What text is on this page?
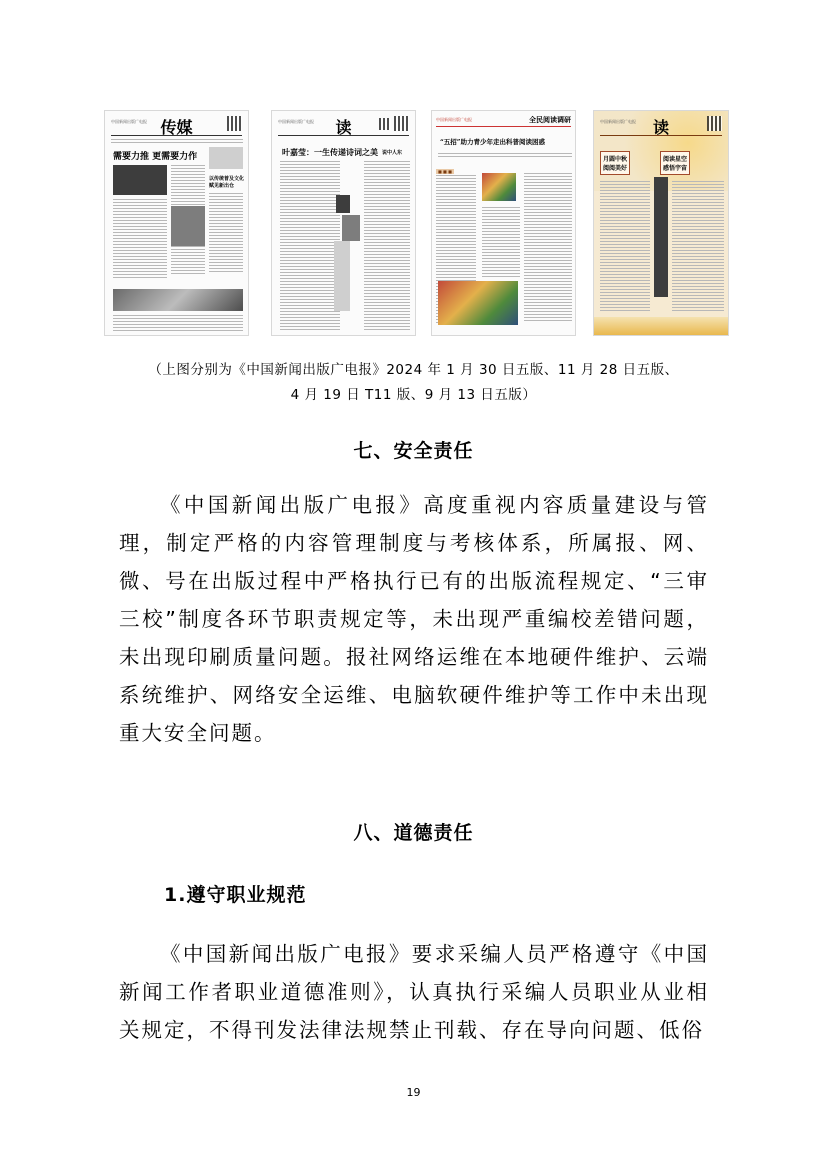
中国新闻出版广电报 传媒
需要力推 更需要力作
以传统普及文化
赋见新出仓
中国新闻出版广电报 读
叶嘉莹：一生传递诗词之美 说中人东
中国新闻出版广电报	全民阅读调研
“五招”助力青少年走出科普阅读困惑
■ ■ ■
中国新闻出版广电报 读
月圆中秋
阅阅美好
阅读星空
感悟宇宙
（上图分别为《中国新闻出版广电报》2024 年 1 月 30 日五版、11 月 28 日五版、
4 月 19 日 T11 版、9 月 13 日五版）
七、安全责任
《中国新闻出版广电报》高度重视内容质量建设与管理，制定严格的内容管理制度与考核体系，所属报、网、微、号在出版过程中严格执行已有的出版流程规定、“三审三校”制度各环节职责规定等，未出现严重编校差错问题，未出现印刷质量问题。报社网络运维在本地硬件维护、云端系统维护、网络安全运维、电脑软硬件维护等工作中未出现重大安全问题。
八、道德责任
1.遵守职业规范
《中国新闻出版广电报》要求采编人员严格遵守《中国新闻工作者职业道德准则》，认真执行采编人员职业从业相关规定，不得刊发法律法规禁止刊载、存在导向问题、低俗
19
